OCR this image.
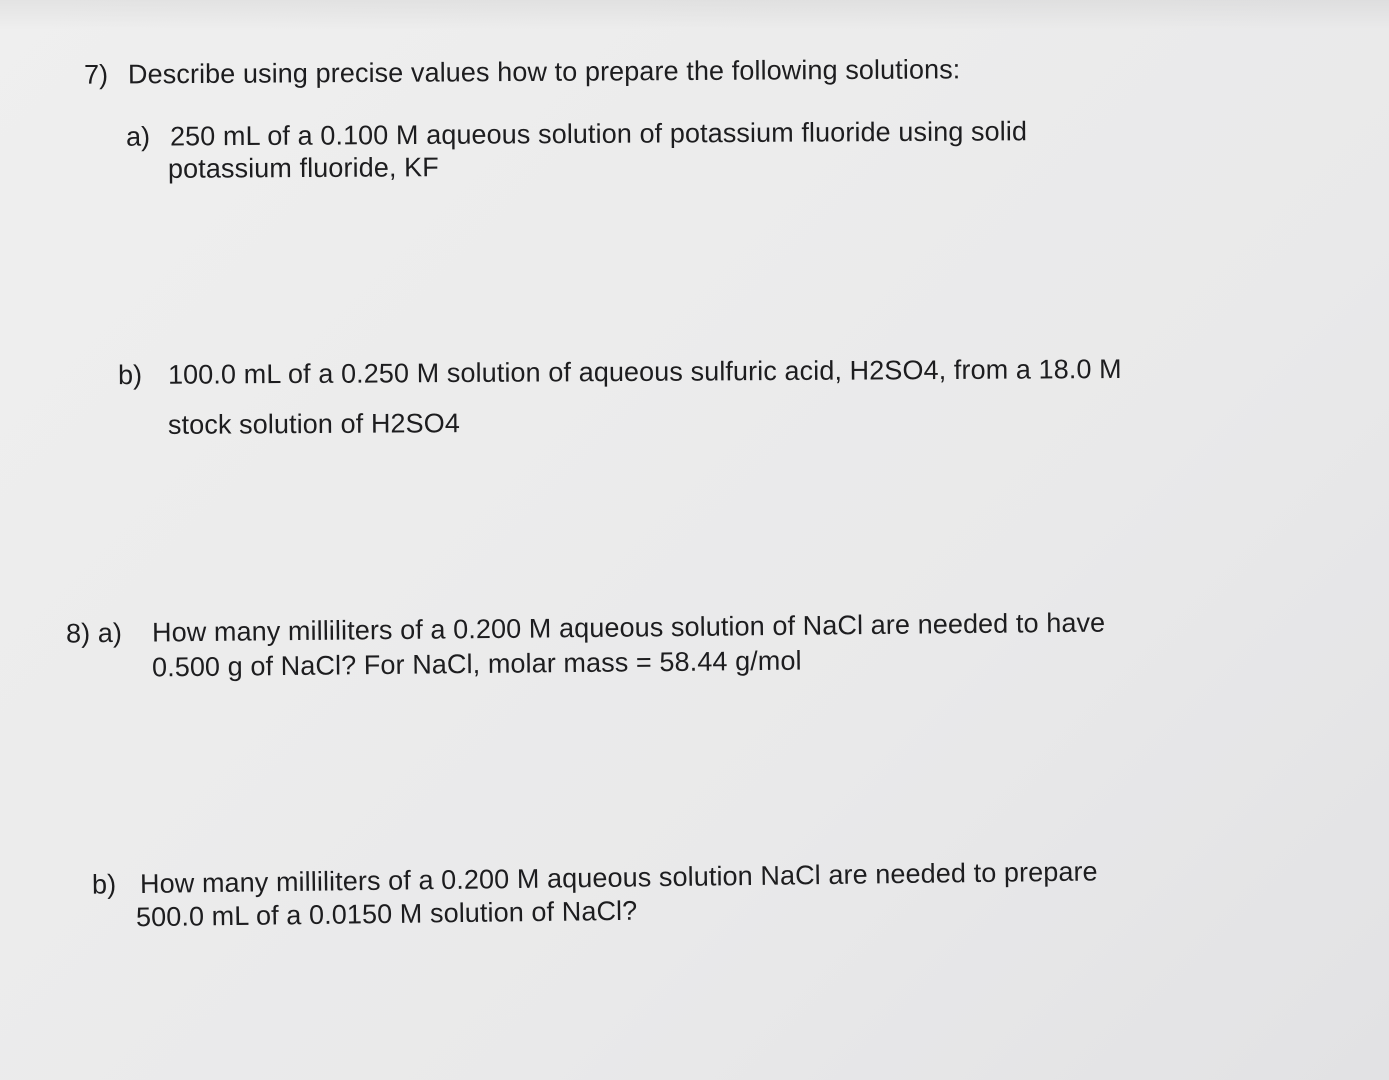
7) Describe using precise values how to prepare the following solutions:
a) 250 mL of a 0.100 M aqueous solution of potassium fluoride using solid
potassium fluoride, KF
b) 100.0 mL of a 0.250 M solution of aqueous sulfuric acid, H2SO4, from a 18.0 M
stock solution of H2SO4
8) a) How many milliliters of a 0.200 M aqueous solution of NaCl are needed to have
0.500 g of NaCl? For NaCl, molar mass = 58.44 g/mol
b) How many milliliters of a 0.200 M aqueous solution NaCl are needed to prepare
500.0 mL of a 0.0150 M solution of NaCl?
